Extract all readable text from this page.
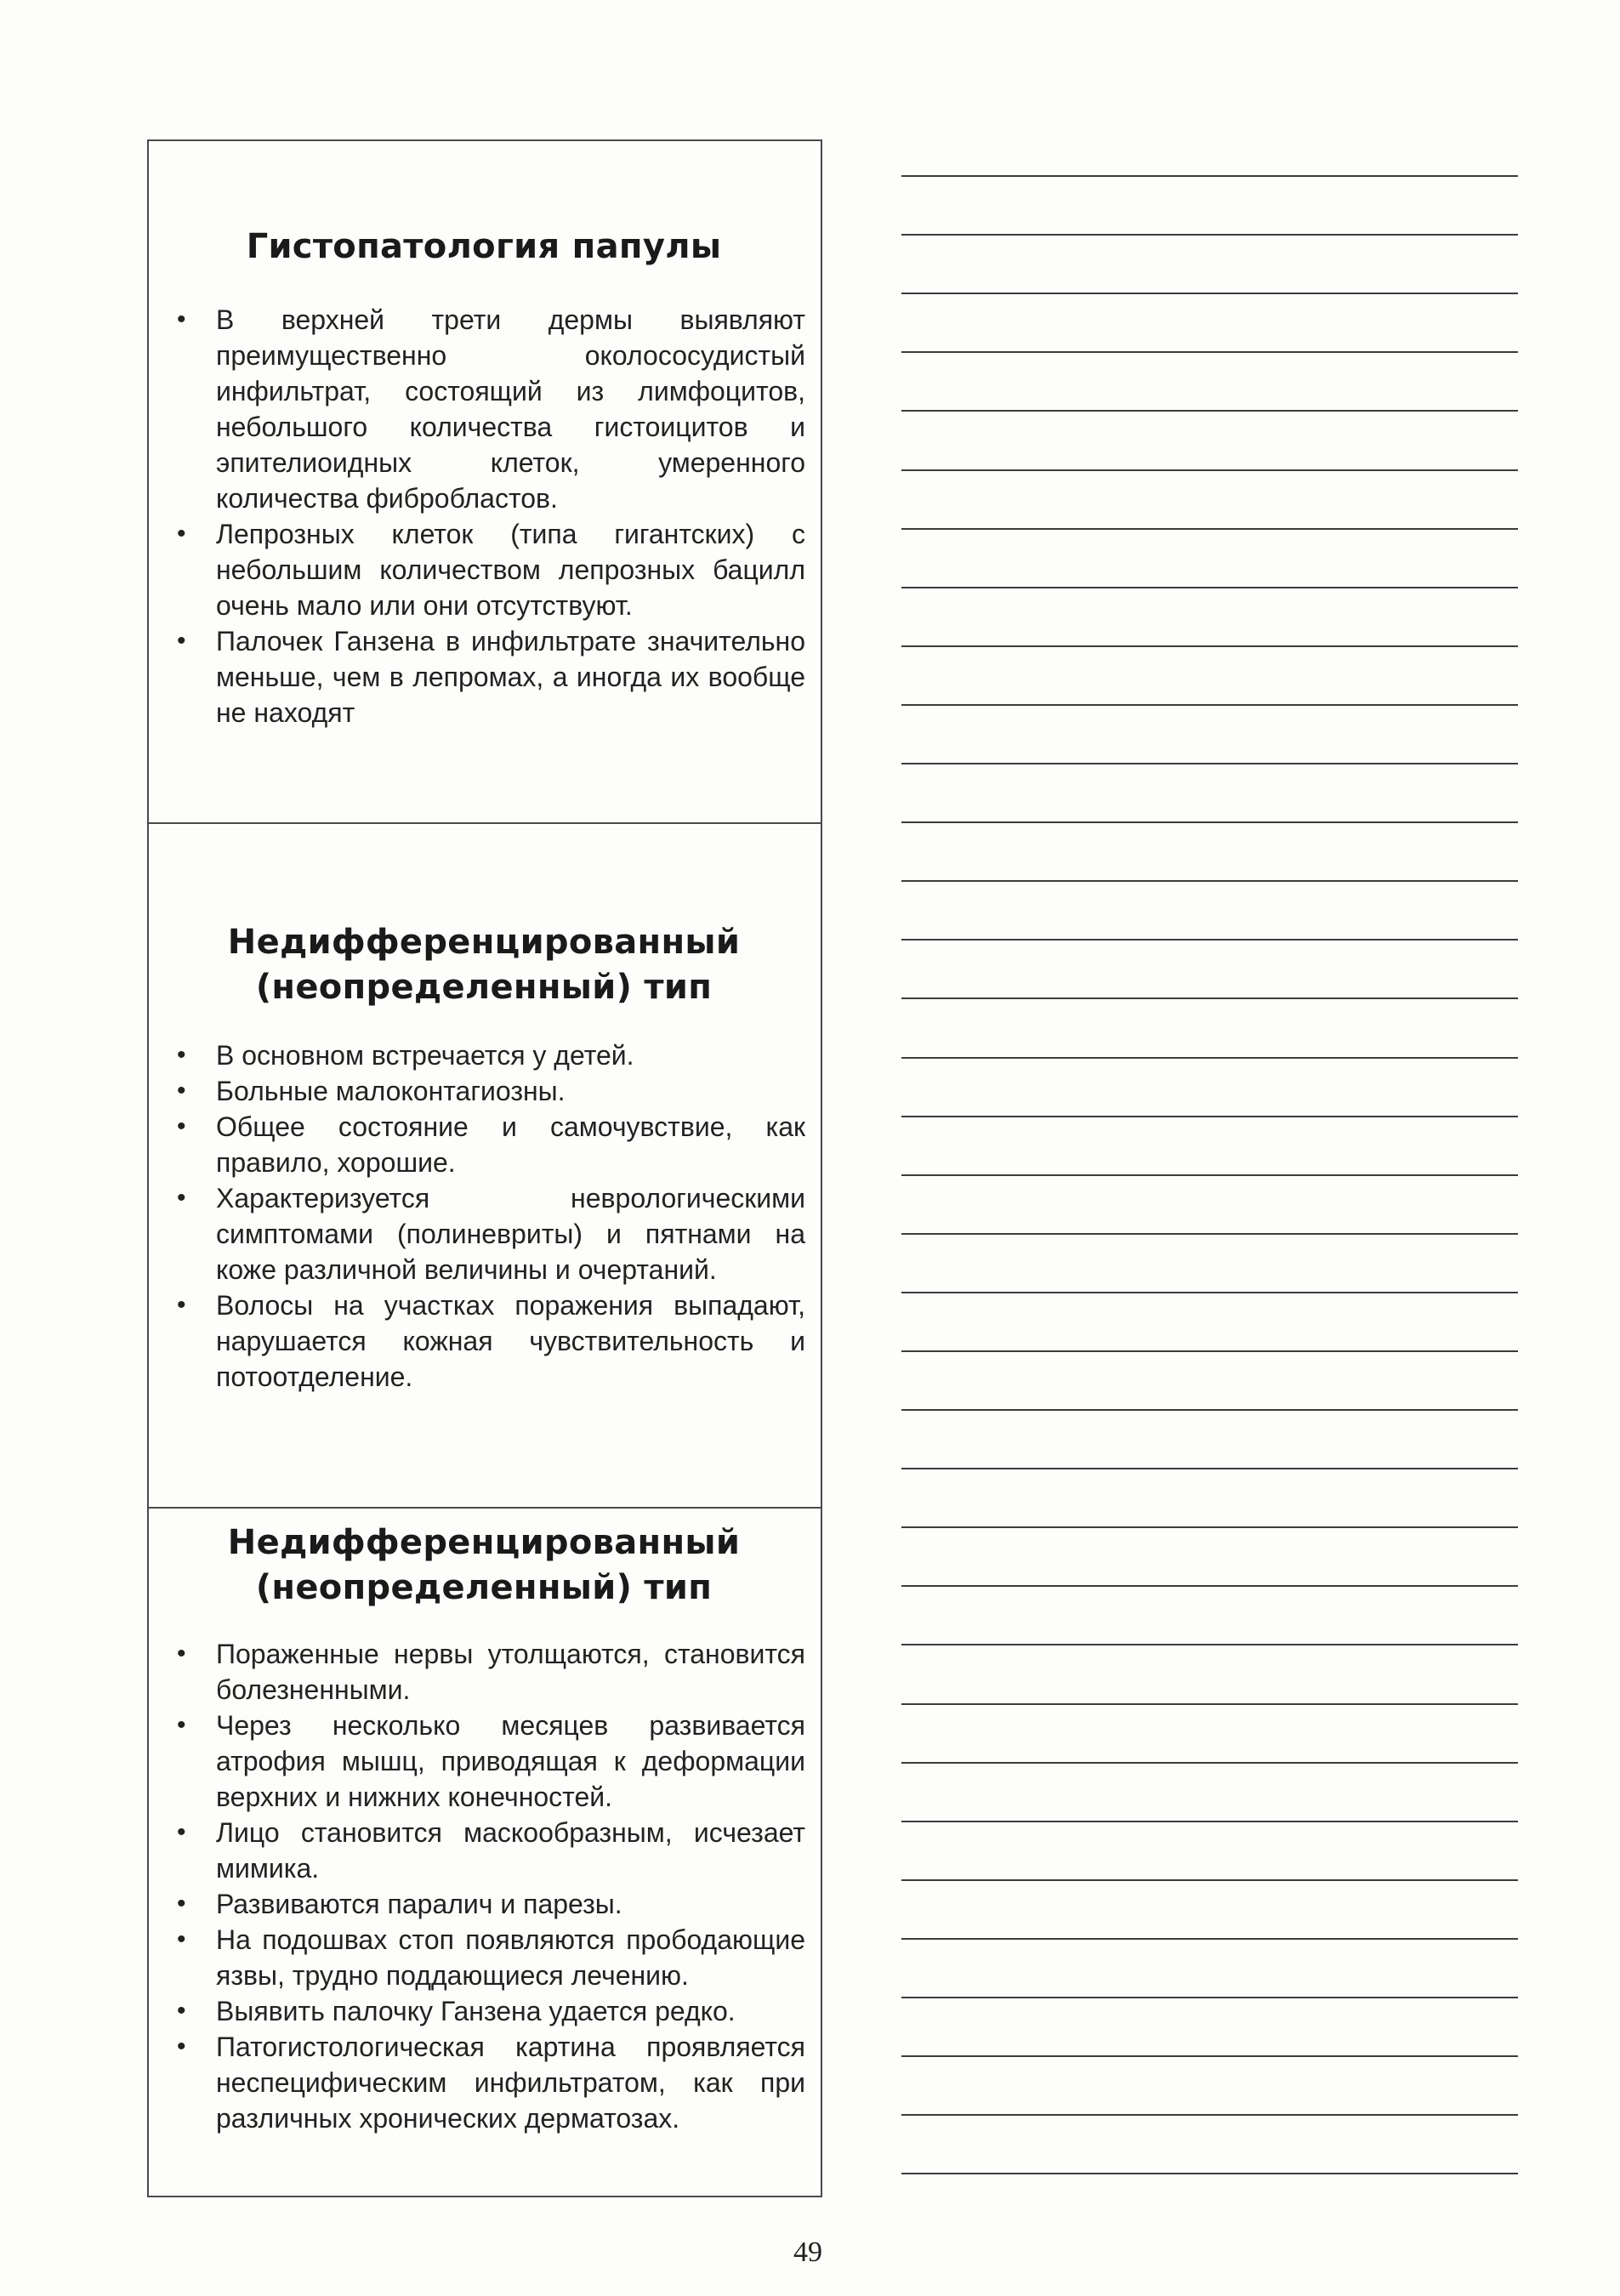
Гистопатология папулы
• В верхней трети дермы выявляют преимущественно околососудистый инфильтрат, состоящий из лимфоцитов, небольшого количества гистоицитов и эпителиоидных клеток, умеренного количества фибробластов.
• Лепрозных клеток (типа гигантских) с небольшим количеством лепрозных бацилл очень мало или они отсутствуют.
• Палочек Ганзена в инфильтрате значительно меньше, чем в лепромах, а иногда их вообще не находят
Недифференцированный (неопределенный) тип
• В основном встречается у детей.
• Больные малоконтагиозны.
• Общее состояние и самочувствие, как правило, хорошие.
• Характеризуется неврологическими симптомами (полиневриты) и пятнами на коже различной величины и очертаний.
• Волосы на участках поражения выпадают, нарушается кожная чувствительность и потоотделение.
Недифференцированный (неопределенный) тип
• Пораженные нервы утолщаются, становится болезненными.
• Через несколько месяцев развивается атрофия мышц, приводящая к деформации верхних и нижних конечностей.
• Лицо становится маскообразным, исчезает мимика.
• Развиваются паралич и парезы.
• На подошвах стоп появляются прободающие язвы, трудно поддающиеся лечению.
• Выявить палочку Ганзена удается редко.
• Патогистологическая картина проявляется неспецифическим инфильтратом, как при различных хронических дерматозах.
49
